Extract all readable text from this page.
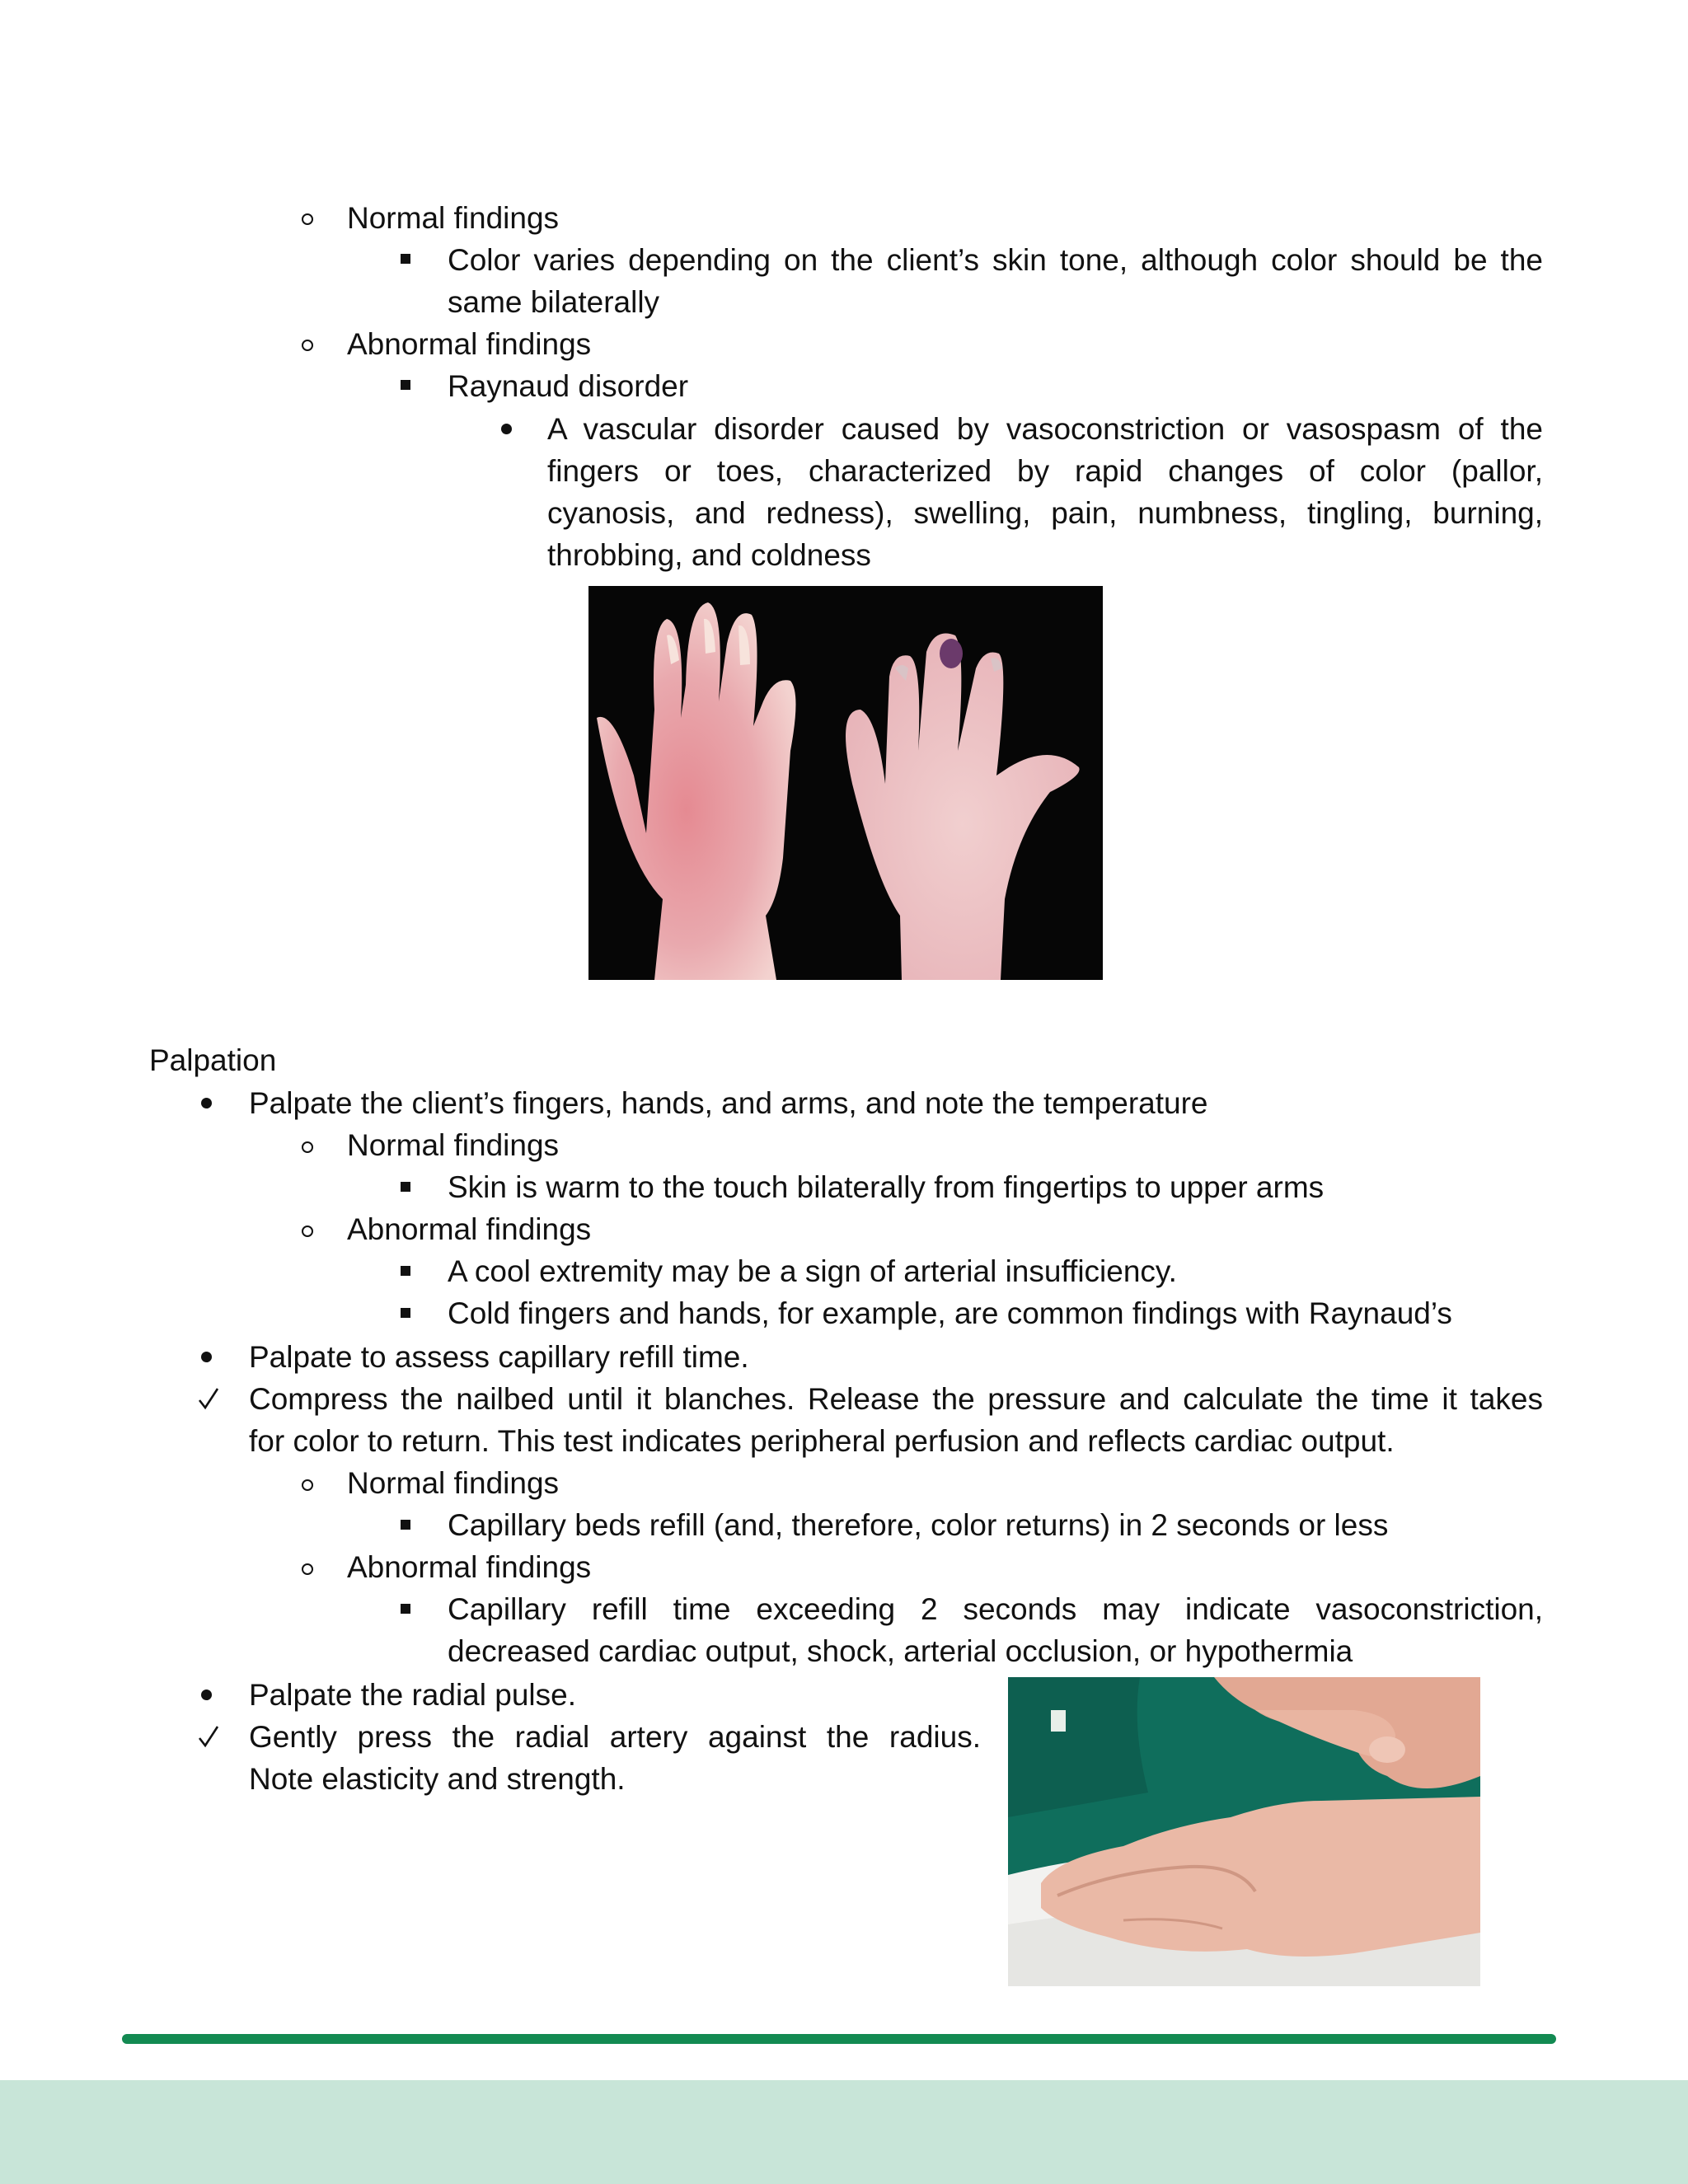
Normal findings
Color varies depending on the client’s skin tone, although color should be the
same bilaterally
Abnormal findings
Raynaud disorder
A vascular disorder caused by vasoconstriction or vasospasm of the
fingers or toes, characterized by rapid changes of color (pallor,
cyanosis, and redness), swelling, pain, numbness, tingling, burning,
throbbing, and coldness
Palpation
Palpate the client’s fingers, hands, and arms, and note the temperature
Normal findings
Skin is warm to the touch bilaterally from fingertips to upper arms
Abnormal findings
A cool extremity may be a sign of arterial insufficiency.
Cold fingers and hands, for example, are common findings with Raynaud’s
Palpate to assess capillary refill time.
Compress the nailbed until it blanches. Release the pressure and calculate the time it takes
for color to return. This test indicates peripheral perfusion and reflects cardiac output.
Normal findings
Capillary beds refill (and, therefore, color returns) in 2 seconds or less
Abnormal findings
Capillary refill time exceeding 2 seconds may indicate vasoconstriction,
decreased cardiac output, shock, arterial occlusion, or hypothermia
Palpate the radial pulse.
Gently press the radial artery against the radius.
Note elasticity and strength.
